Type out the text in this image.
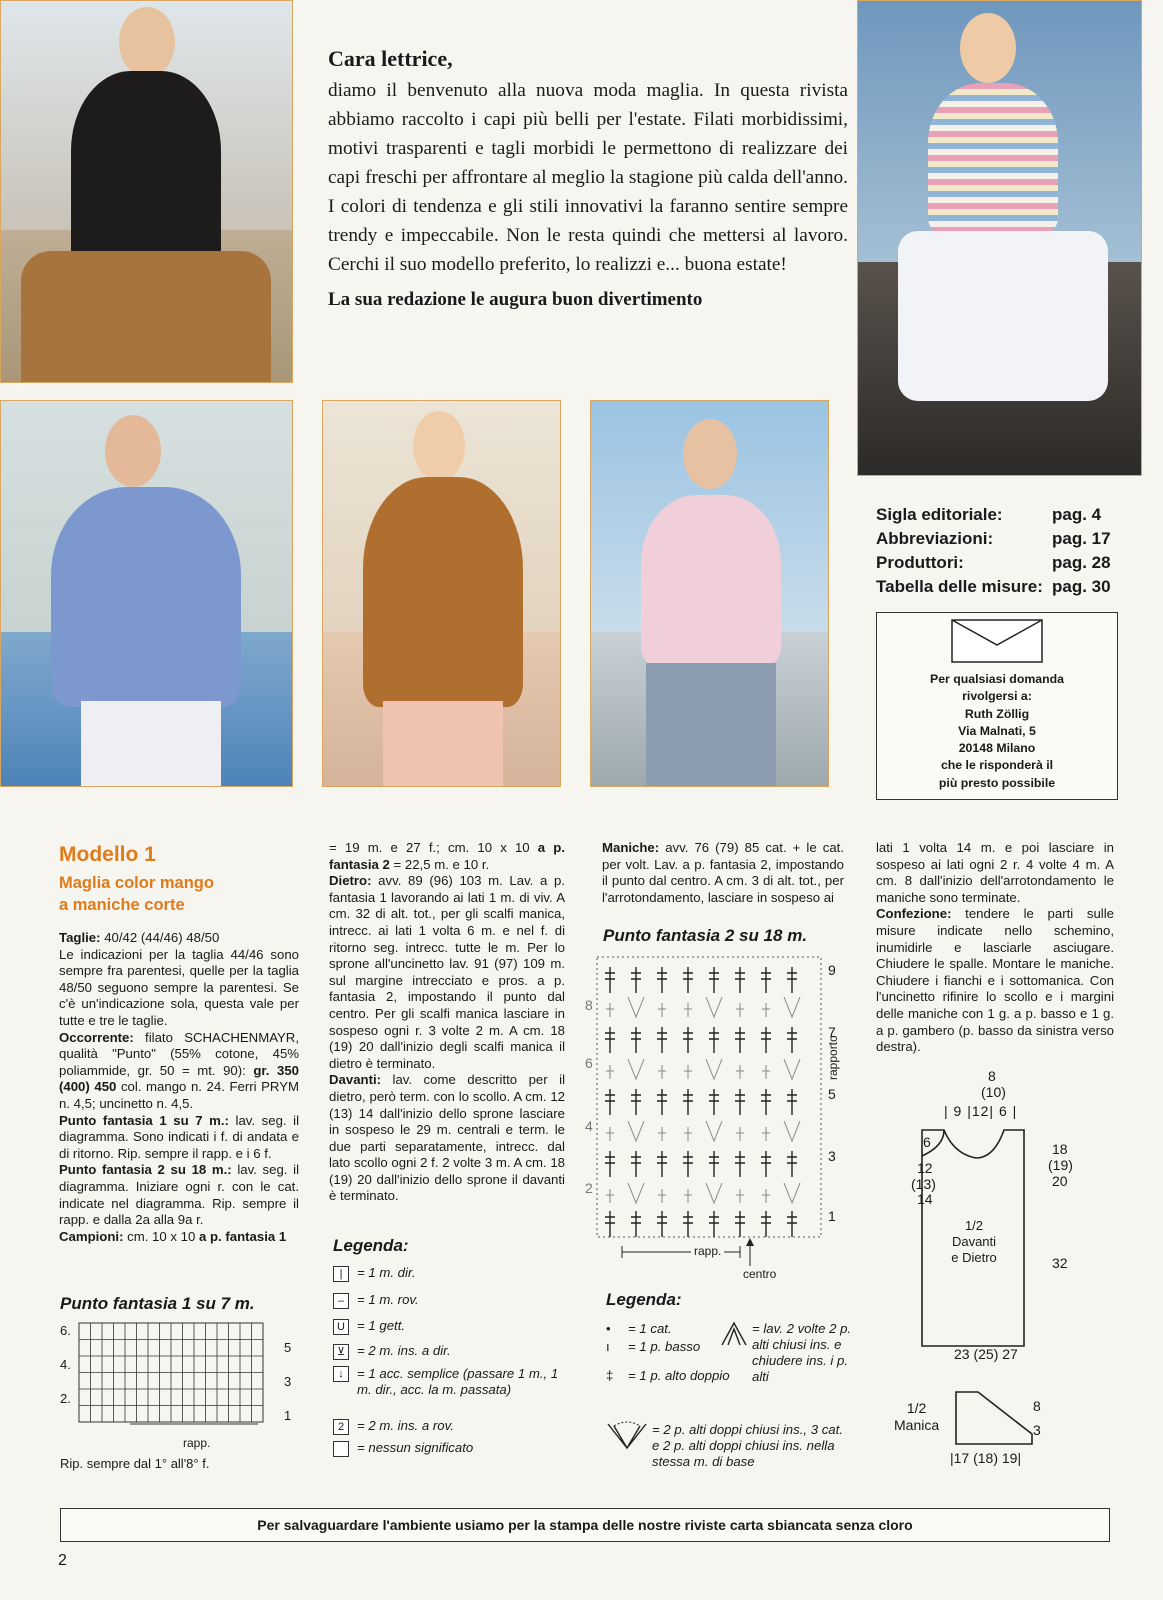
Cara lettrice,

diamo il benvenuto alla nuova moda maglia. In questa rivista abbiamo raccolto i capi più belli per l'estate. Filati morbidissimi, motivi trasparenti e tagli morbidi le permettono di realizzare dei capi freschi per affrontare al meglio la stagione più calda dell'anno. I colori di tendenza e gli stili innovativi la faranno sentire sempre trendy e impeccabile. Non le resta quindi che mettersi al lavoro. Cerchi il suo modello preferito, lo realizzi e... buona estate!

La sua redazione le augura buon divertimento
Sigla editoriale:	pag. 4
Abbreviazioni:	pag. 17
Produttori:	pag. 28
Tabella delle misure: pag. 30
Per qualsiasi domanda
rivolgersi a:
Ruth Zöllig
Via Malnati, 5
20148 Milano
che le risponderà il
più presto possibile
Modello 1
Maglia color mango
a maniche corte
Taglie: 40/42 (44/46) 48/50
Le indicazioni per la taglia 44/46 sono sempre fra parentesi, quelle per la taglia 48/50 seguono sempre la parentesi. Se c'è un'indicazione sola, questa vale per tutte e tre le taglie.
Occorrente: filato SCHACHENMAYR, qualità "Punto" (55% cotone, 45% poliammide, gr. 50 = mt. 90): gr. 350 (400) 450 col. mango n. 24. Ferri PRYM n. 4,5; uncinetto n. 4,5.
Punto fantasia 1 su 7 m.: lav. seg. il diagramma. Sono indicati i f. di andata e di ritorno. Rip. sempre il rapp. e i 6 f.
Punto fantasia 2 su 18 m.: lav. seg. il diagramma. Iniziare ogni r. con le cat. indicate nel diagramma. Rip. sempre il rapp. e dalla 2a alla 9a r.
Campioni: cm. 10 x 10 a p. fantasia 1
Punto fantasia 1 su 7 m.
6.
4.
2.
5
3
1
rapp.
Rip. sempre dal 1° all'8° f.
= 19 m. e 27 f.; cm. 10 x 10 a p. fantasia 2 = 22,5 m. e 10 r.
Dietro: avv. 89 (96) 103 m. Lav. a p. fantasia 1 lavorando ai lati 1 m. di viv. A cm. 32 di alt. tot., per gli scalfi manica, intrecc. ai lati 1 volta 6 m. e nel f. di ritorno seg. intrecc. tutte le m. Per lo sprone all'uncinetto lav. 91 (97) 109 m. sul margine intrecciato e pros. a p. fantasia 2, impostando il punto dal centro. Per gli scalfi manica lasciare in sospeso ogni r. 3 volte 2 m. A cm. 18 (19) 20 dall'inizio degli scalfi manica il dietro è terminato.
Davanti: lav. come descritto per il dietro, però term. con lo scollo. A cm. 12 (13) 14 dall'inizio dello sprone lasciare in sospeso le 29 m. centrali e term. le due parti separatamente, intrecc. dal lato scollo ogni 2 f. 2 volte 3 m. A cm. 18 (19) 20 dall'inizio dello sprone il davanti è terminato.
Legenda:
| = 1 m. dir.
– = 1 m. rov.
U = 1 gett.
⊻ = 2 m. ins. a dir.
↓	= 1 acc. semplice (passare 1 m., 1 m. dir., acc. la m. passata)
2 = 2 m. ins. a rov.
= nessun significato
Maniche: avv. 76 (79) 85 cat. + le cat. per volt. Lav. a p. fantasia 2, impostando il punto dal centro. A cm. 3 di alt. tot., per l'arrotondamento, lasciare in sospeso ai
Punto fantasia 2 su 18 m.
9
7
5
3
1
8
6
4
2
rapporto
rapp.
centro
Legenda:
• = 1 cat.
ı = 1 p. basso
‡ = 1 p. alto doppio
= lav. 2 volte 2 p. alti chiusi ins. e chiudere ins. i p. alti
= 2 p. alti doppi chiusi ins., 3 cat. e 2 p. alti doppi chiusi ins. nella stessa m. di base
lati 1 volta 14 m. e poi lasciare in sospeso ai lati ogni 2 r. 4 volte 4 m. A cm. 8 dall'inizio dell'arrotondamento le maniche sono terminate.
Confezione: tendere le parti sulle misure indicate nello schemino, inumidirle e lasciarle asciugare. Chiudere le spalle. Montare le maniche. Chiudere i fianchi e i sottomanica. Con l'uncinetto rifinire lo scollo e i margini delle maniche con 1 g. a p. basso e 1 g. a p. gambero (p. basso da sinistra verso destra).
8
(10)
| 9 |12| 6 |
6
12
(13)
14
18
(19)
20
1/2
Davanti
e Dietro	32
23 (25) 27
1/2
Manica
8
3
|17 (18) 19|
Per salvaguardare l'ambiente usiamo per la stampa delle nostre riviste carta sbiancata senza cloro
2
